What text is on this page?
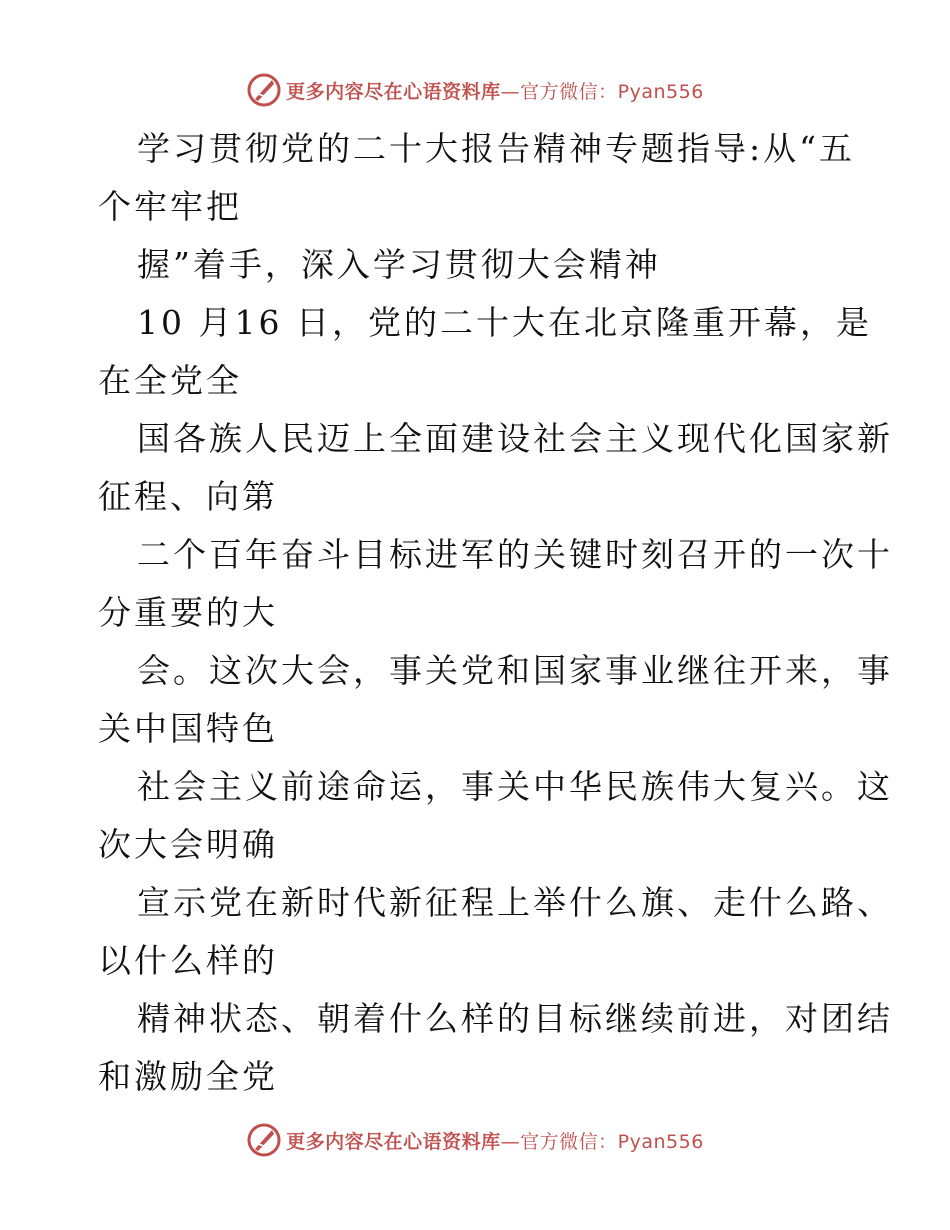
更多内容尽在心语资料库 —官方微信：Pyan556
学习贯彻党的二十大报告精神专题指导:从“五
个牢牢把
握”着手，深入学习贯彻大会精神
10 月16 日，党的二十大在北京隆重开幕，是
在全党全
国各族人民迈上全面建设社会主义现代化国家新
征程、向第
二个百年奋斗目标进军的关键时刻召开的一次十
分重要的大
会。这次大会，事关党和国家事业继往开来，事
关中国特色
社会主义前途命运，事关中华民族伟大复兴。这
次大会明确
宣示党在新时代新征程上举什么旗、走什么路、
以什么样的
精神状态、朝着什么样的目标继续前进，对团结
和激励全党
更多内容尽在心语资料库 —官方微信：Pyan556
